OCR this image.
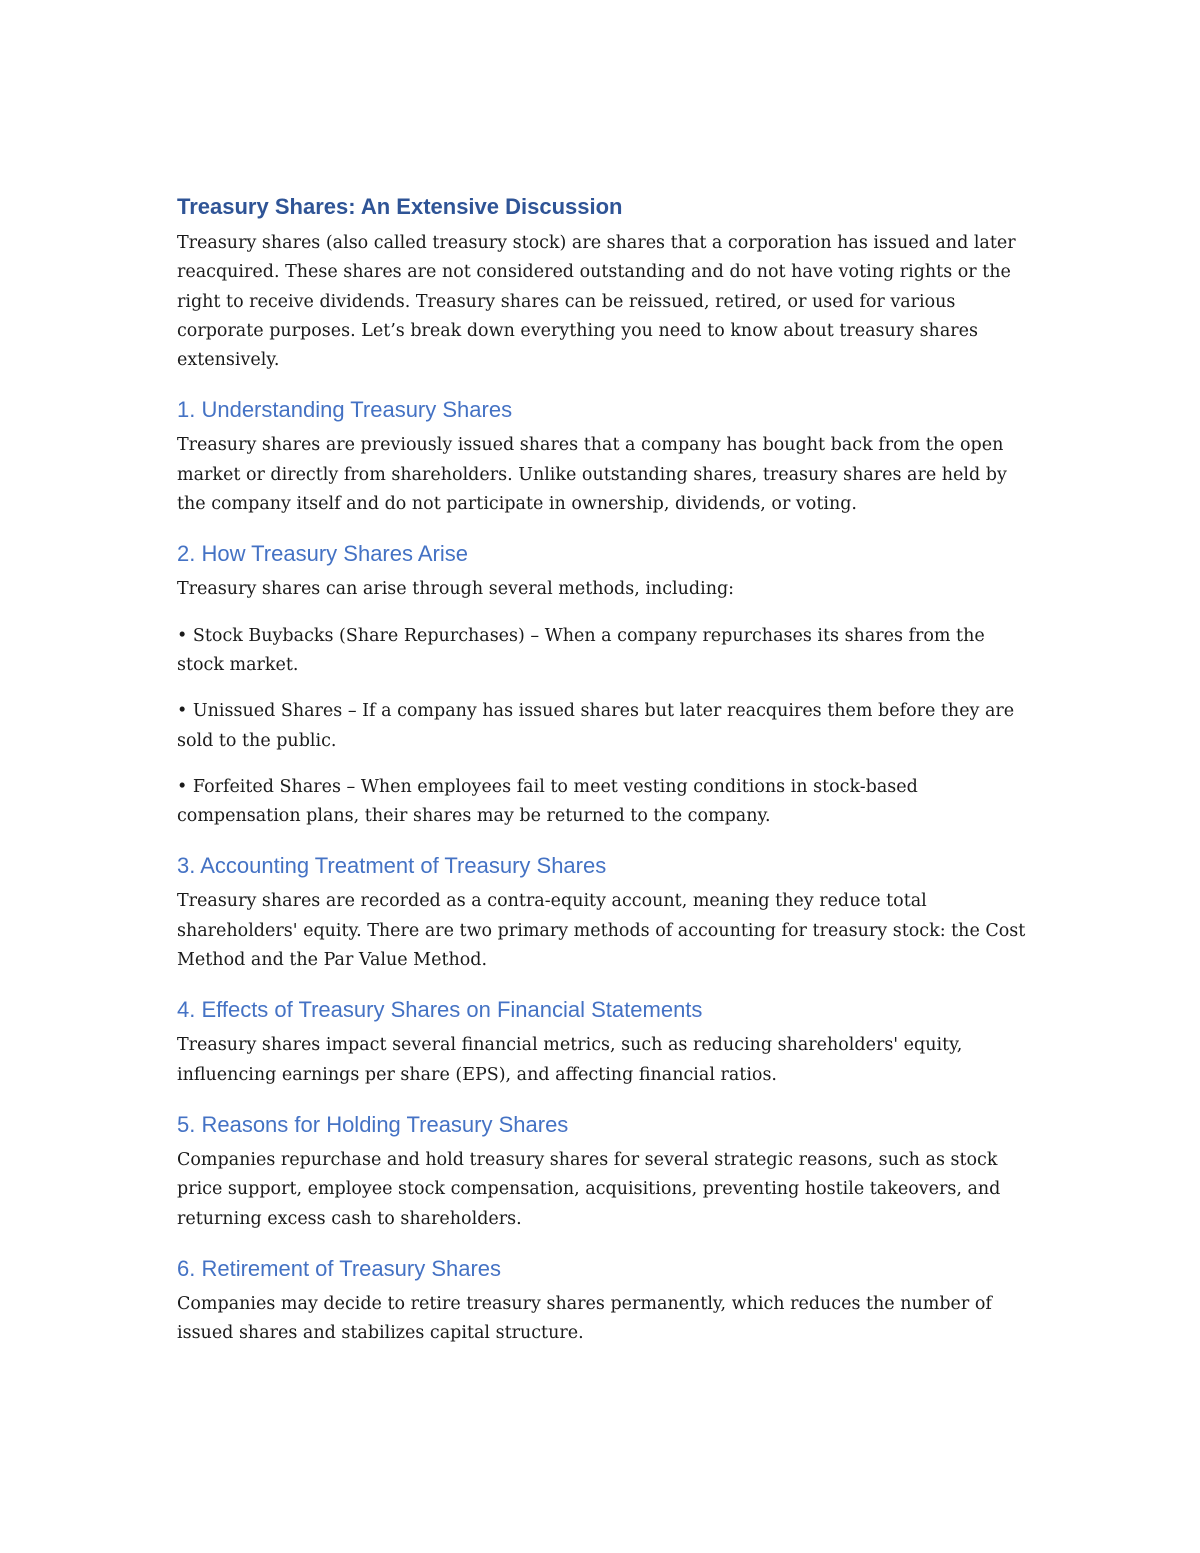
Treasury Shares: An Extensive Discussion

Treasury shares (also called treasury stock) are shares that a corporation has issued and later reacquired. These shares are not considered outstanding and do not have voting rights or the right to receive dividends. Treasury shares can be reissued, retired, or used for various corporate purposes. Let’s break down everything you need to know about treasury shares extensively.

1. Understanding Treasury Shares

Treasury shares are previously issued shares that a company has bought back from the open market or directly from shareholders. Unlike outstanding shares, treasury shares are held by the company itself and do not participate in ownership, dividends, or voting.

2. How Treasury Shares Arise

Treasury shares can arise through several methods, including:

• Stock Buybacks (Share Repurchases) – When a company repurchases its shares from the stock market.

• Unissued Shares – If a company has issued shares but later reacquires them before they are sold to the public.

• Forfeited Shares – When employees fail to meet vesting conditions in stock-based compensation plans, their shares may be returned to the company.

3. Accounting Treatment of Treasury Shares

Treasury shares are recorded as a contra-equity account, meaning they reduce total shareholders' equity. There are two primary methods of accounting for treasury stock: the Cost Method and the Par Value Method.

4. Effects of Treasury Shares on Financial Statements

Treasury shares impact several financial metrics, such as reducing shareholders' equity, influencing earnings per share (EPS), and affecting financial ratios.

5. Reasons for Holding Treasury Shares

Companies repurchase and hold treasury shares for several strategic reasons, such as stock price support, employee stock compensation, acquisitions, preventing hostile takeovers, and returning excess cash to shareholders.

6. Retirement of Treasury Shares

Companies may decide to retire treasury shares permanently, which reduces the number of issued shares and stabilizes capital structure.
